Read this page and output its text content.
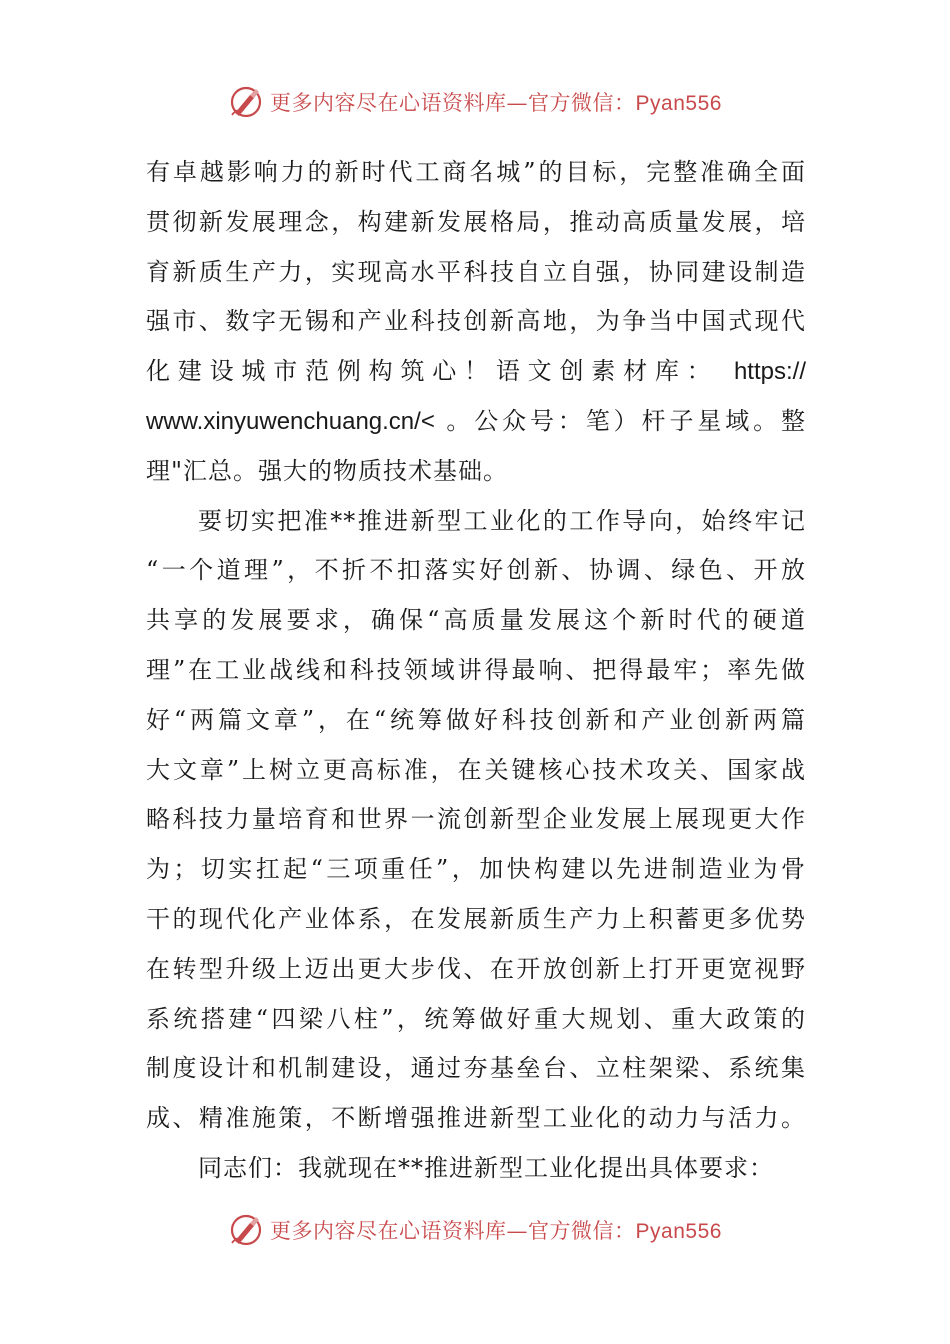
更多内容尽在心语资料库—官方微信：Pyan556

有卓越影响力的新时代工商名城”的目标，完整准确全面

贯彻新发展理念，构建新发展格局，推动高质量发展，培

育新质生产力，实现高水平科技自立自强，协同建设制造

强市、数字无锡和产业科技创新高地，为争当中国式现代

化建设城市范例构筑心！语文创素材库： https://

www.xinyuwenchuang.cn/< 。公众号：笔）杆子星域。整

理"汇总。强大的物质技术基础。

要切实把准**推进新型工业化的工作导向，始终牢记

“一个道理”，不折不扣落实好创新、协调、绿色、开放

共享的发展要求，确保“高质量发展这个新时代的硬道

理”在工业战线和科技领域讲得最响、把得最牢；率先做

好“两篇文章”，在“统筹做好科技创新和产业创新两篇

大文章”上树立更高标准，在关键核心技术攻关、国家战

略科技力量培育和世界一流创新型企业发展上展现更大作

为；切实扛起“三项重任”，加快构建以先进制造业为骨

干的现代化产业体系，在发展新质生产力上积蓄更多优势

在转型升级上迈出更大步伐、在开放创新上打开更宽视野

系统搭建“四梁八柱”，统筹做好重大规划、重大政策的

制度设计和机制建设，通过夯基垒台、立柱架梁、系统集

成、精准施策，不断增强推进新型工业化的动力与活力。

同志们：我就现在**推进新型工业化提出具体要求：

更多内容尽在心语资料库—官方微信：Pyan556
